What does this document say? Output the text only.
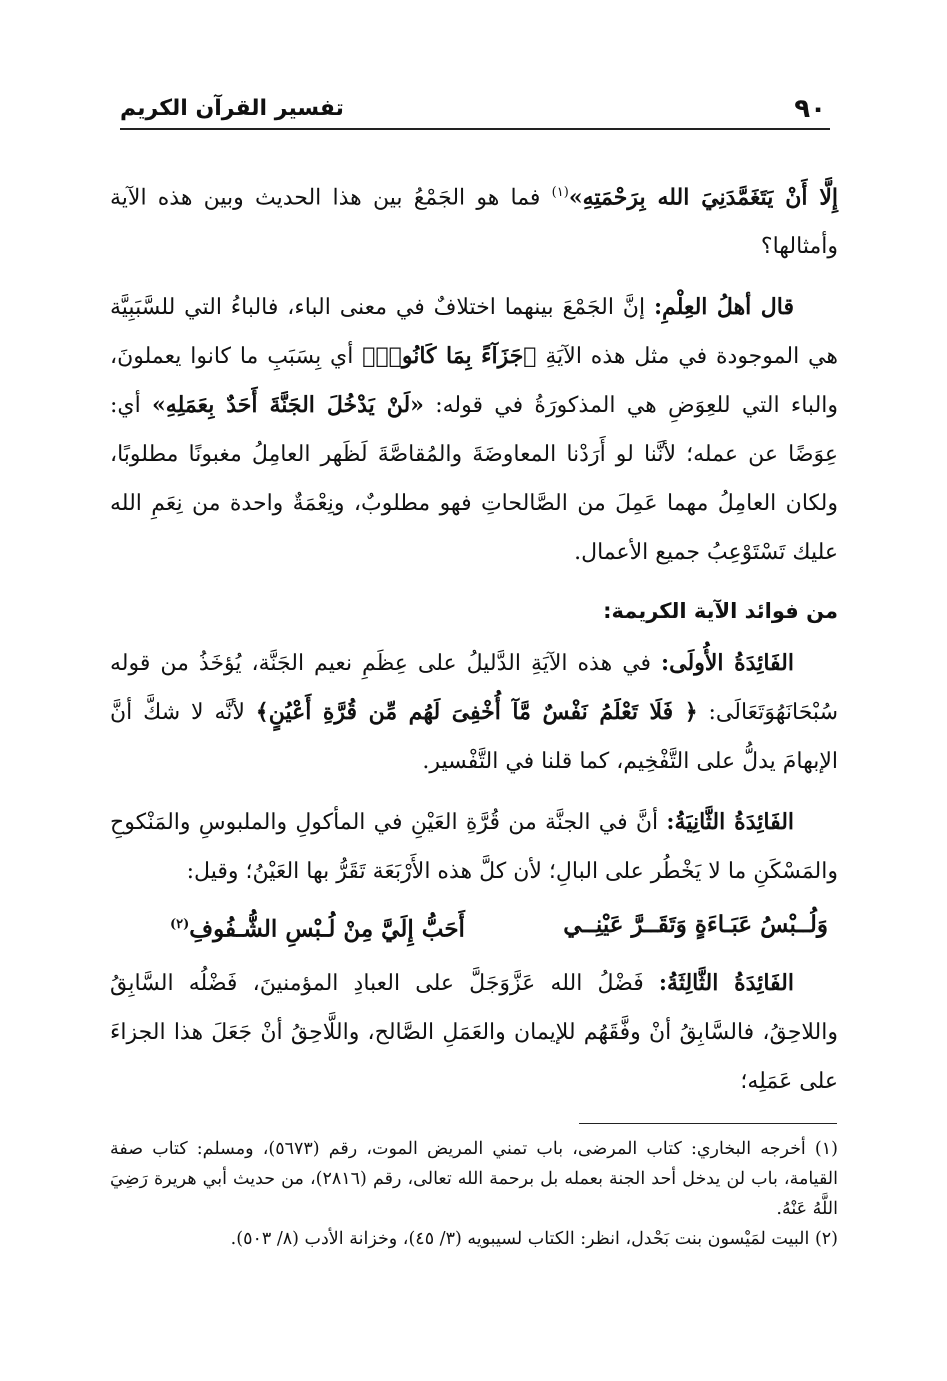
٩٠
تفسير القرآن الكريم

إِلَّا أَنْ يَتَغَمَّدَنِيَ الله بِرَحْمَتِهِ»$^{(١)}$ فما هو الجَمْعُ بين هذا الحديث وبين هذه الآية وأمثالها؟

قال أهلُ العِلْمِ: إنَّ الجَمْعَ بينهما اختلافٌ في معنى الباء، فالباءُ التي للسَّبَبِيَّة هي الموجودة في مثل هذه الآيَةِ ﴿جَزَآءً بِمَا كَانُوا۟﴾ أي بِسَبَبِ ما كانوا يعملونَ، والباء التي للعِوَضِ هي المذكورَةُ في قوله: «لَنْ يَدْخُلَ الجَنَّةَ أَحَدٌ بِعَمَلِهِ» أي: عِوَضًا عن عمله؛ لأنَّنا لو أَرَدْنا المعاوضَةَ والمُقاصَّةَ لَظَهر العامِلُ مغبونًا مطلوبًا، ولكان العامِلُ مهما عَمِلَ من الصَّالحاتِ فهو مطلوبٌ، ونِعْمَةٌ واحدة من نِعَمِ الله عليك تَسْتَوْعِبُ جميع الأعمال.

من فوائد الآية الكريمة:

الفَائِدَةُ الأُولَى: في هذه الآيَةِ الدَّليلُ على عِظَمِ نعيم الجَنَّة، يُؤخَذُ من قوله سُبْحَانَهُوَتَعَالَى: ﴿ فَلَا تَعْلَمُ نَفْسٌ مَّآ أُخْفِىَ لَهُم مِّن قُرَّةِ أَعْيُنٍ﴾ لأنَّه لا شكَّ أنَّ الإبهامَ يدلُّ على التَّفْخِيم، كما قلنا في التَّفْسير.

الفَائِدَةُ الثَّانِيَةُ: أنَّ في الجنَّة من قُرَّةِ العَيْنِ في المأكولِ والملبوسِ والمَنْكوحِ والمَسْكَنِ ما لا يَخْطُر على البالِ؛ لأن كلَّ هذه الأَرْبَعَة تَقَرُّ بها العَيْنُ؛ وقيل:

وَلُــبْسُ عَبَـاءَةٍ وَتَقَــرَّ عَيْنِــي
أَحَبُّ إِلَيَّ مِنْ لُـبْسِ الشُّـفُوفِ$^{(٢)}$

الفَائِدَةُ الثَّالِثَةُ: فَضْلُ الله عَزَّوَجَلَّ على العبادِ المؤمنينَ، فَضْلُه السَّابِقُ واللاحِقُ، فالسَّابِقُ أنْ وفَّقَهُم للإيمان والعَمَلِ الصَّالح، واللَّاحِقُ أنْ جَعَلَ هذا الجزاءَ على عَمَلِه؛

(١) أخرجه البخاري: كتاب المرضى، باب تمني المريض الموت، رقم (٥٦٧٣)، ومسلم: كتاب صفة القيامة، باب لن يدخل أحد الجنة بعمله بل برحمة الله تعالى، رقم (٢٨١٦)، من حديث أبي هريرة رَضِيَ اللَّهُ عَنْهُ.

(٢) البيت لمَيْسون بنت بَحْدل، انظر: الكتاب لسيبويه (٣/ ٤٥)، وخزانة الأدب (٨/ ٥٠٣).
